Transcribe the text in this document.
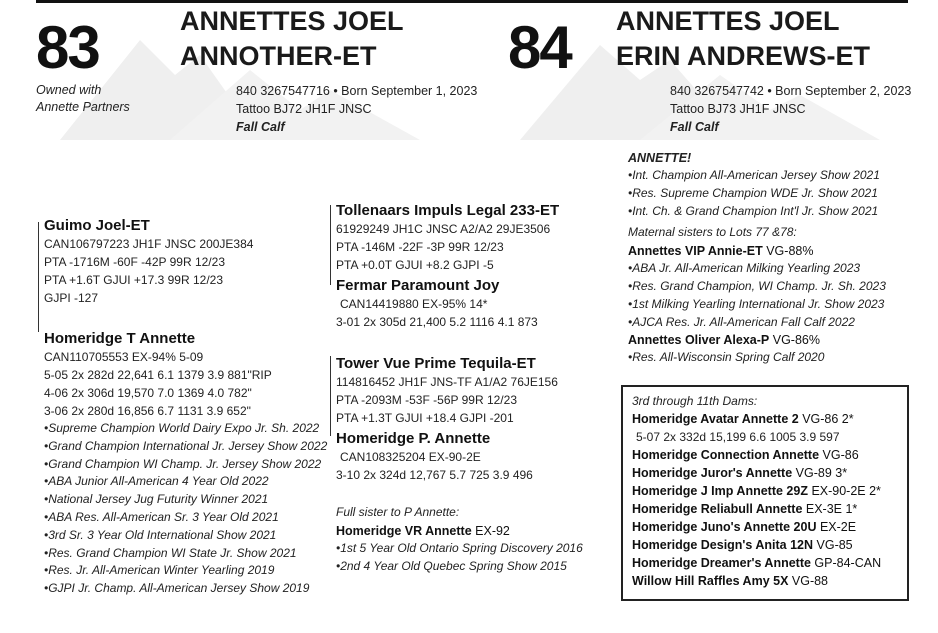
83	ANNETTES JOEL
ANNOTHER-ET
840 3267547716 • Born September 1, 2023
Tattoo BJ72 JH1F JNSC
Fall Calf
Owned with
Annette Partners
84 ANNETTES JOEL
ERIN ANDREWS-ET
840 3267547742 • Born September 2, 2023
Tattoo BJ73 JH1F JNSC
Fall Calf
Guimo Joel-ET
CAN106797223 JH1F JNSC 200JE384
PTA -1716M -60F -42P 99R 12/23
PTA +1.6T GJUI +17.3 99R 12/23
GJPI -127
Homeridge T Annette
CAN110705553 EX-94% 5-09
5-05 2x 282d 22,641 6.1 1379 3.9 881"RIP
4-06 2x 306d 19,570 7.0 1369 4.0 782"
3-06 2x 280d 16,856 6.7 1131 3.9 652"
•Supreme Champion World Dairy Expo Jr. Sh. 2022
•Grand Champion International Jr. Jersey Show 2022
•Grand Champion WI Champ. Jr. Jersey Show 2022
•ABA Junior All-American 4 Year Old 2022
•National Jersey Jug Futurity Winner 2021
•ABA Res. All-American Sr. 3 Year Old 2021
•3rd Sr. 3 Year Old International Show 2021
•Res. Grand Champion WI State Jr. Show 2021
•Res. Jr. All-American Winter Yearling 2019
•GJPI Jr. Champ. All-American Jersey Show 2019
Tollenaars Impuls Legal 233-ET
61929249 JH1C JNSC A2/A2 29JE3506
PTA -146M -22F -3P 99R 12/23
PTA +0.0T GJUI +8.2 GJPI -5
Fermar Paramount Joy
CAN14419880 EX-95% 14*
3-01 2x 305d 21,400 5.2 1116 4.1 873
Tower Vue Prime Tequila-ET
114816452 JH1F JNS-TF A1/A2 76JE156
PTA -2093M -53F -56P 99R 12/23
PTA +1.3T GJUI +18.4 GJPI -201
Homeridge P. Annette
CAN108325204 EX-90-2E
3-10 2x 324d 12,767 5.7 725 3.9 496
Full sister to P Annette:
Homeridge VR Annette EX-92
•1st 5 Year Old Ontario Spring Discovery 2016
•2nd 4 Year Old Quebec Spring Show 2015
ANNETTE!
•Int. Champion All-American Jersey Show 2021
•Res. Supreme Champion WDE Jr. Show 2021
•Int. Ch. & Grand Champion Int'l Jr. Show 2021
Maternal sisters to Lots 77 &78:
Annettes VIP Annie-ET VG-88%
•ABA Jr. All-American Milking Yearling 2023
•Res. Grand Champion, WI Champ. Jr. Sh. 2023
•1st Milking Yearling International Jr. Show 2023
•AJCA Res. Jr. All-American Fall Calf 2022
Annettes Oliver Alexa-P VG-86%
•Res. All-Wisconsin Spring Calf 2020
3rd through 11th Dams:
Homeridge Avatar Annette 2 VG-86 2*
5-07 2x 332d 15,199 6.6 1005 3.9 597
Homeridge Connection Annette VG-86
Homeridge Juror's Annette VG-89 3*
Homeridge J Imp Annette 29Z EX-90-2E 2*
Homeridge Reliabull Annette EX-3E 1*
Homeridge Juno's Annette 20U EX-2E
Homeridge Design's Anita 12N VG-85
Homeridge Dreamer's Annette GP-84-CAN
Willow Hill Raffles Amy 5X VG-88
